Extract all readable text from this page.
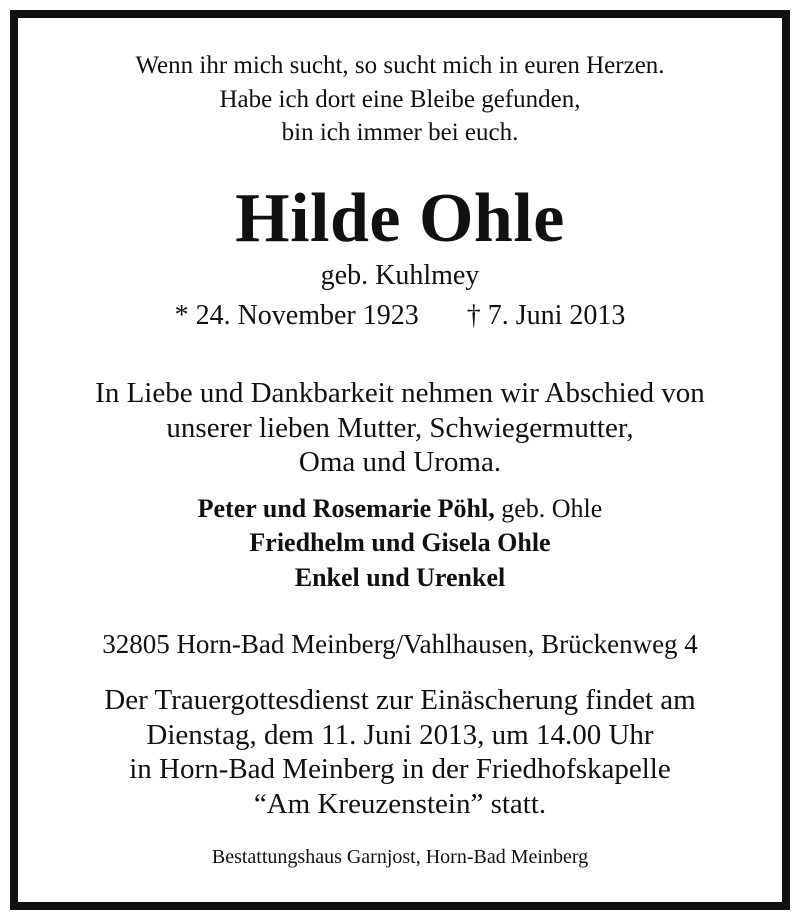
Wenn ihr mich sucht, so sucht mich in euren Herzen.
Habe ich dort eine Bleibe gefunden,
bin ich immer bei euch.
Hilde Ohle
geb. Kuhlmey
* 24. November 1923 † 7. Juni 2013
In Liebe und Dankbarkeit nehmen wir Abschied von
unserer lieben Mutter, Schwiegermutter,
Oma und Uroma.
Peter und Rosemarie Pöhl, geb. Ohle
Friedhelm und Gisela Ohle
Enkel und Urenkel
32805 Horn-Bad Meinberg/Vahlhausen, Brückenweg 4
Der Trauergottesdienst zur Einäscherung findet am
Dienstag, dem 11. Juni 2013, um 14.00 Uhr
in Horn-Bad Meinberg in der Friedhofskapelle
“Am Kreuzenstein” statt.
Bestattungshaus Garnjost, Horn-Bad Meinberg
